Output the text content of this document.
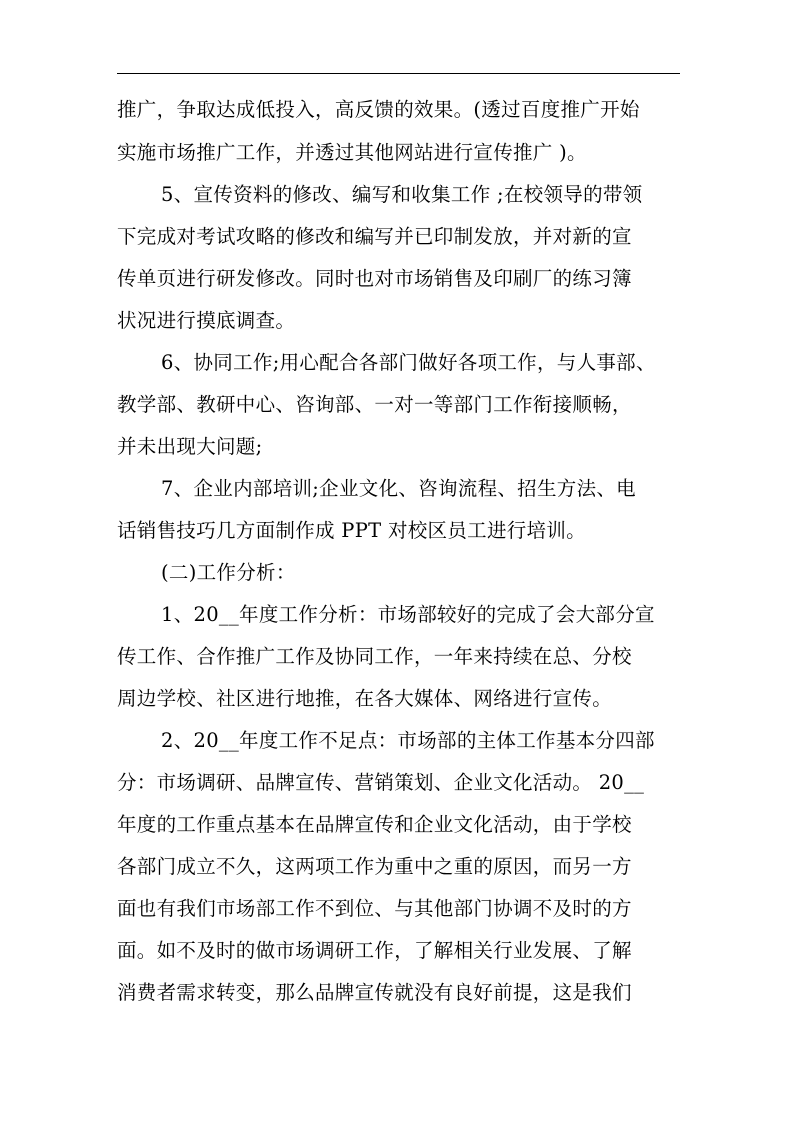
推广，争取达成低投入，高反馈的效果。(透过百度推广开始
实施市场推广工作，并透过其他网站进行宣传推广 )。
5、宣传资料的修改、编写和收集工作 ;在校领导的带领
下完成对考试攻略的修改和编写并已印制发放，并对新的宣
传单页进行研发修改。同时也对市场销售及印刷厂的练习簿
状况进行摸底调查。
6、协同工作;用心配合各部门做好各项工作，与人事部、
教学部、教研中心、咨询部、一对一等部门工作衔接顺畅，
并未出现大问题;
7、企业内部培训;企业文化、咨询流程、招生方法、电
话销售技巧几方面制作成 PPT 对校区员工进行培训。
(二)工作分析：
1、20__年度工作分析：市场部较好的完成了会大部分宣
传工作、合作推广工作及协同工作，一年来持续在总、分校
周边学校、社区进行地推，在各大媒体、网络进行宣传。
2、20__年度工作不足点：市场部的主体工作基本分四部
分：市场调研、品牌宣传、营销策划、企业文化活动。 20__
年度的工作重点基本在品牌宣传和企业文化活动，由于学校
各部门成立不久，这两项工作为重中之重的原因，而另一方
面也有我们市场部工作不到位、与其他部门协调不及时的方
面。如不及时的做市场调研工作，了解相关行业发展、了解
消费者需求转变，那么品牌宣传就没有良好前提，这是我们
